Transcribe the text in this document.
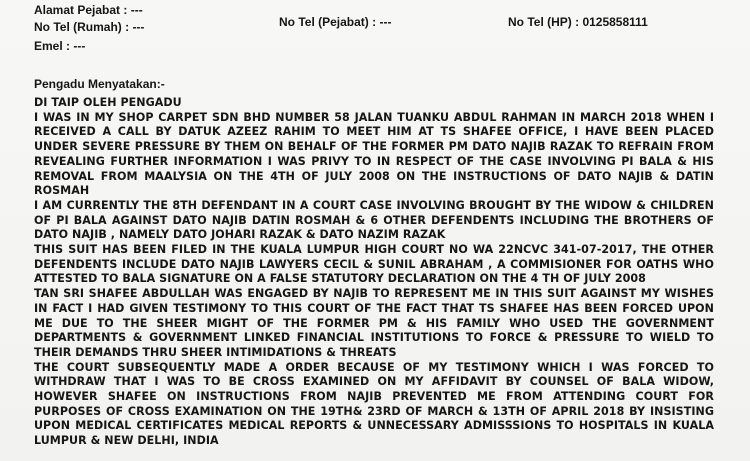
Alamat Pejabat : ---
No Tel (Rumah) : ---	No Tel (Pejabat) : ---	No Tel (HP) : 0125858111
Emel : ---
Pengadu Menyatakan:-

DI TAIP OLEH PENGADU

I WAS IN MY SHOP CARPET SDN BHD NUMBER 58 JALAN TUANKU ABDUL RAHMAN IN MARCH 2018 WHEN I RECEIVED A CALL BY DATUK AZEEZ RAHIM TO MEET HIM AT TS SHAFEE OFFICE, I HAVE BEEN PLACED UNDER SEVERE PRESSURE BY THEM ON BEHALF OF THE FORMER PM DATO NAJIB RAZAK TO REFRAIN FROM REVEALING FURTHER INFORMATION I WAS PRIVY TO IN RESPECT OF THE CASE INVOLVING PI BALA & HIS REMOVAL FROM MAALYSIA ON THE 4TH OF JULY 2008 ON THE INSTRUCTIONS OF DATO NAJIB & DATIN ROSMAH

I AM CURRENTLY THE 8TH DEFENDANT IN A COURT CASE INVOLVING BROUGHT BY THE WIDOW & CHILDREN OF PI BALA AGAINST DATO NAJIB DATIN ROSMAH & 6 OTHER DEFENDENTS INCLUDING THE BROTHERS OF DATO NAJIB , NAMELY DATO JOHARI RAZAK & DATO NAZIM RAZAK

THIS SUIT HAS BEEN FILED IN THE KUALA LUMPUR HIGH COURT NO WA 22NCVC 341-07-2017, THE OTHER DEFENDENTS INCLUDE DATO NAJIB LAWYERS CECIL & SUNIL ABRAHAM , A COMMISIONER FOR OATHS WHO ATTESTED TO BALA SIGNATURE ON A FALSE STATUTORY DECLARATION ON THE 4 TH OF JULY 2008

TAN SRI SHAFEE ABDULLAH WAS ENGAGED BY NAJIB TO REPRESENT ME IN THIS SUIT AGAINST MY WISHES IN FACT I HAD GIVEN TESTIMONY TO THIS COURT OF THE FACT THAT TS SHAFEE HAS BEEN FORCED UPON ME DUE TO THE SHEER MIGHT OF THE FORMER PM & HIS FAMILY WHO USED THE GOVERNMENT DEPARTMENTS & GOVERNMENT LINKED FINANCIAL INSTITUTIONS TO FORCE & PRESSURE TO WIELD TO THEIR DEMANDS THRU SHEER INTIMIDATIONS & THREATS

THE COURT SUBSEQUENTLY MADE A ORDER BECAUSE OF MY TESTIMONY WHICH I WAS FORCED TO WITHDRAW THAT I WAS TO BE CROSS EXAMINED ON MY AFFIDAVIT BY COUNSEL OF BALA WIDOW, HOWEVER SHAFEE ON INSTRUCTIONS FROM NAJIB PREVENTED ME FROM ATTENDING COURT FOR PURPOSES OF CROSS EXAMINATION ON THE 19TH& 23RD OF MARCH & 13TH OF APRIL 2018 BY INSISTING UPON MEDICAL CERTIFICATES MEDICAL REPORTS & UNNECESSARY ADMISSSIONS TO HOSPITALS IN KUALA LUMPUR & NEW DELHI, INDIA
